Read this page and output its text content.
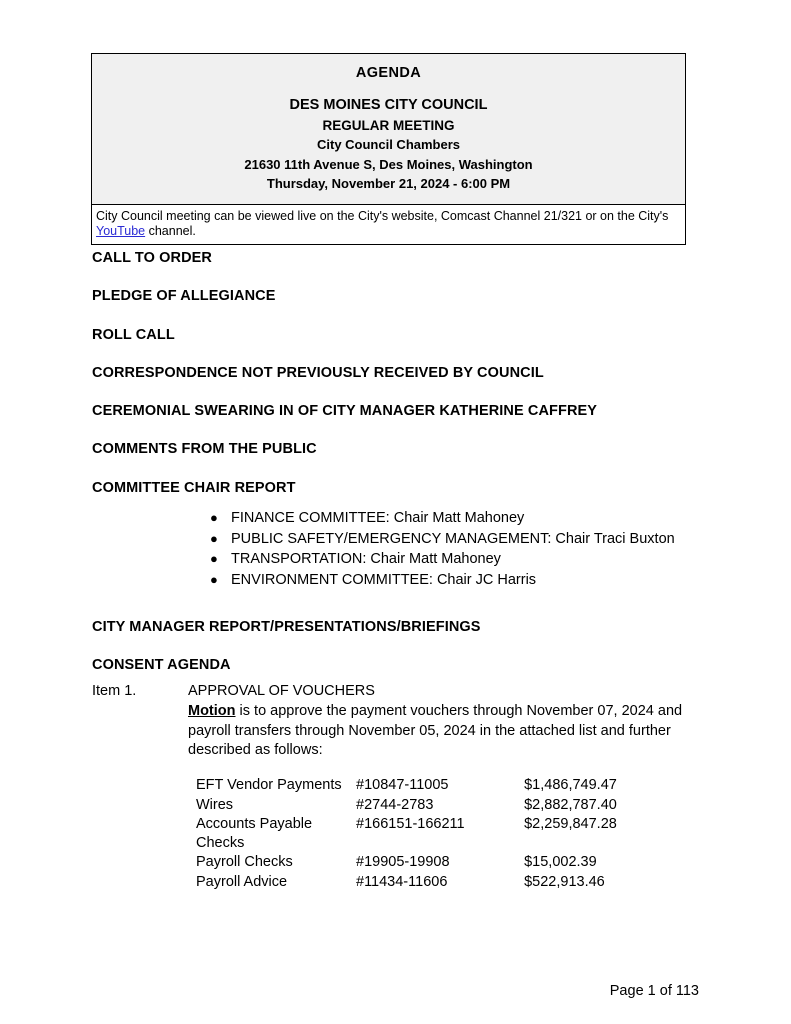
AGENDA
DES MOINES CITY COUNCIL
REGULAR MEETING
City Council Chambers
21630 11th Avenue S, Des Moines, Washington
Thursday, November 21, 2024 - 6:00 PM
City Council meeting can be viewed live on the City's website, Comcast Channel 21/321 or on the City's YouTube channel.
CALL TO ORDER
PLEDGE OF ALLEGIANCE
ROLL CALL
CORRESPONDENCE NOT PREVIOUSLY RECEIVED BY COUNCIL
CEREMONIAL SWEARING IN OF CITY MANAGER KATHERINE CAFFREY
COMMENTS FROM THE PUBLIC
COMMITTEE CHAIR REPORT
CITY MANAGER REPORT/PRESENTATIONS/BRIEFINGS
CONSENT AGENDA
● FINANCE COMMITTEE: Chair Matt Mahoney
● PUBLIC SAFETY/EMERGENCY MANAGEMENT: Chair Traci Buxton
● TRANSPORTATION: Chair Matt Mahoney
● ENVIRONMENT COMMITTEE: Chair JC Harris
Item 1.	APPROVAL OF VOUCHERS
Motion is to approve the payment vouchers through November 07, 2024 and payroll transfers through November 05, 2024 in the attached list and further described as follows:
EFT Vendor Payments	#10847-11005	$1,486,749.47
Wires	#2744-2783	$2,882,787.40
Accounts Payable Checks	#166151-166211	$2,259,847.28
Payroll Checks	#19905-19908	$15,002.39
Payroll Advice	#11434-11606	$522,913.46
Page 1 of 113
